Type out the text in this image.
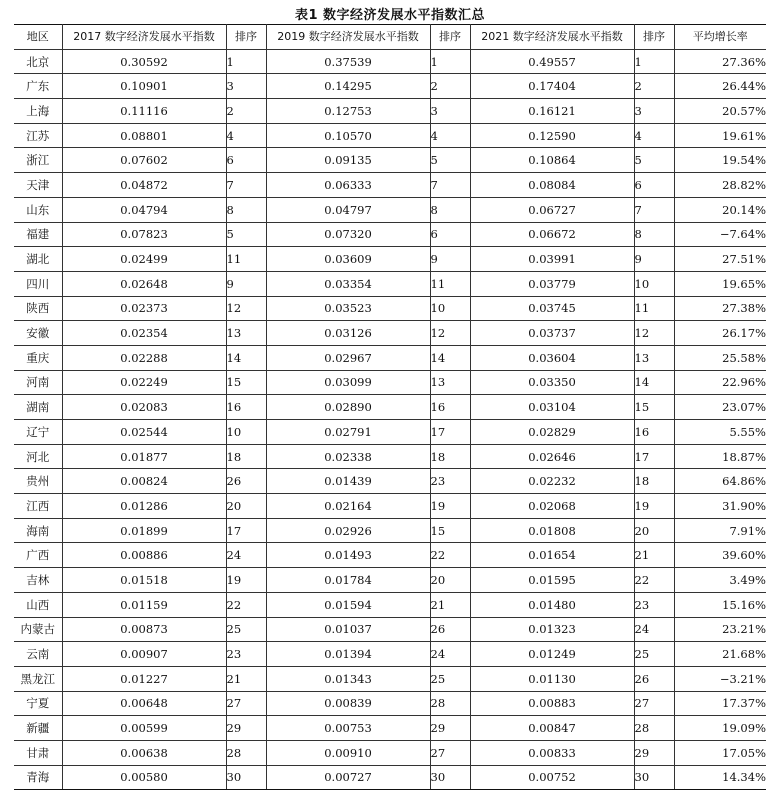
表1 数字经济发展水平指数汇总
地区	2017 数字经济发展水平指数	排序	2019 数字经济发展水平指数	排序	2021 数字经济发展水平指数	排序	平均增长率
北京	0.30592	1	0.37539	1	0.49557	1	27.36%
广东	0.10901	3	0.14295	2	0.17404	2	26.44%
上海	0.11116	2	0.12753	3	0.16121	3	20.57%
江苏	0.08801	4	0.10570	4	0.12590	4	19.61%
浙江	0.07602	6	0.09135	5	0.10864	5	19.54%
天津	0.04872	7	0.06333	7	0.08084	6	28.82%
山东	0.04794	8	0.04797	8	0.06727	7	20.14%
福建	0.07823	5	0.07320	6	0.06672	8	−7.64%
湖北	0.02499	11	0.03609	9	0.03991	9	27.51%
四川	0.02648	9	0.03354	11	0.03779	10	19.65%
陕西	0.02373	12	0.03523	10	0.03745	11	27.38%
安徽	0.02354	13	0.03126	12	0.03737	12	26.17%
重庆	0.02288	14	0.02967	14	0.03604	13	25.58%
河南	0.02249	15	0.03099	13	0.03350	14	22.96%
湖南	0.02083	16	0.02890	16	0.03104	15	23.07%
辽宁	0.02544	10	0.02791	17	0.02829	16	5.55%
河北	0.01877	18	0.02338	18	0.02646	17	18.87%
贵州	0.00824	26	0.01439	23	0.02232	18	64.86%
江西	0.01286	20	0.02164	19	0.02068	19	31.90%
海南	0.01899	17	0.02926	15	0.01808	20	7.91%
广西	0.00886	24	0.01493	22	0.01654	21	39.60%
吉林	0.01518	19	0.01784	20	0.01595	22	3.49%
山西	0.01159	22	0.01594	21	0.01480	23	15.16%
内蒙古	0.00873	25	0.01037	26	0.01323	24	23.21%
云南	0.00907	23	0.01394	24	0.01249	25	21.68%
黑龙江	0.01227	21	0.01343	25	0.01130	26	−3.21%
宁夏	0.00648	27	0.00839	28	0.00883	27	17.37%
新疆	0.00599	29	0.00753	29	0.00847	28	19.09%
甘肃	0.00638	28	0.00910	27	0.00833	29	17.05%
青海	0.00580	30	0.00727	30	0.00752	30	14.34%
